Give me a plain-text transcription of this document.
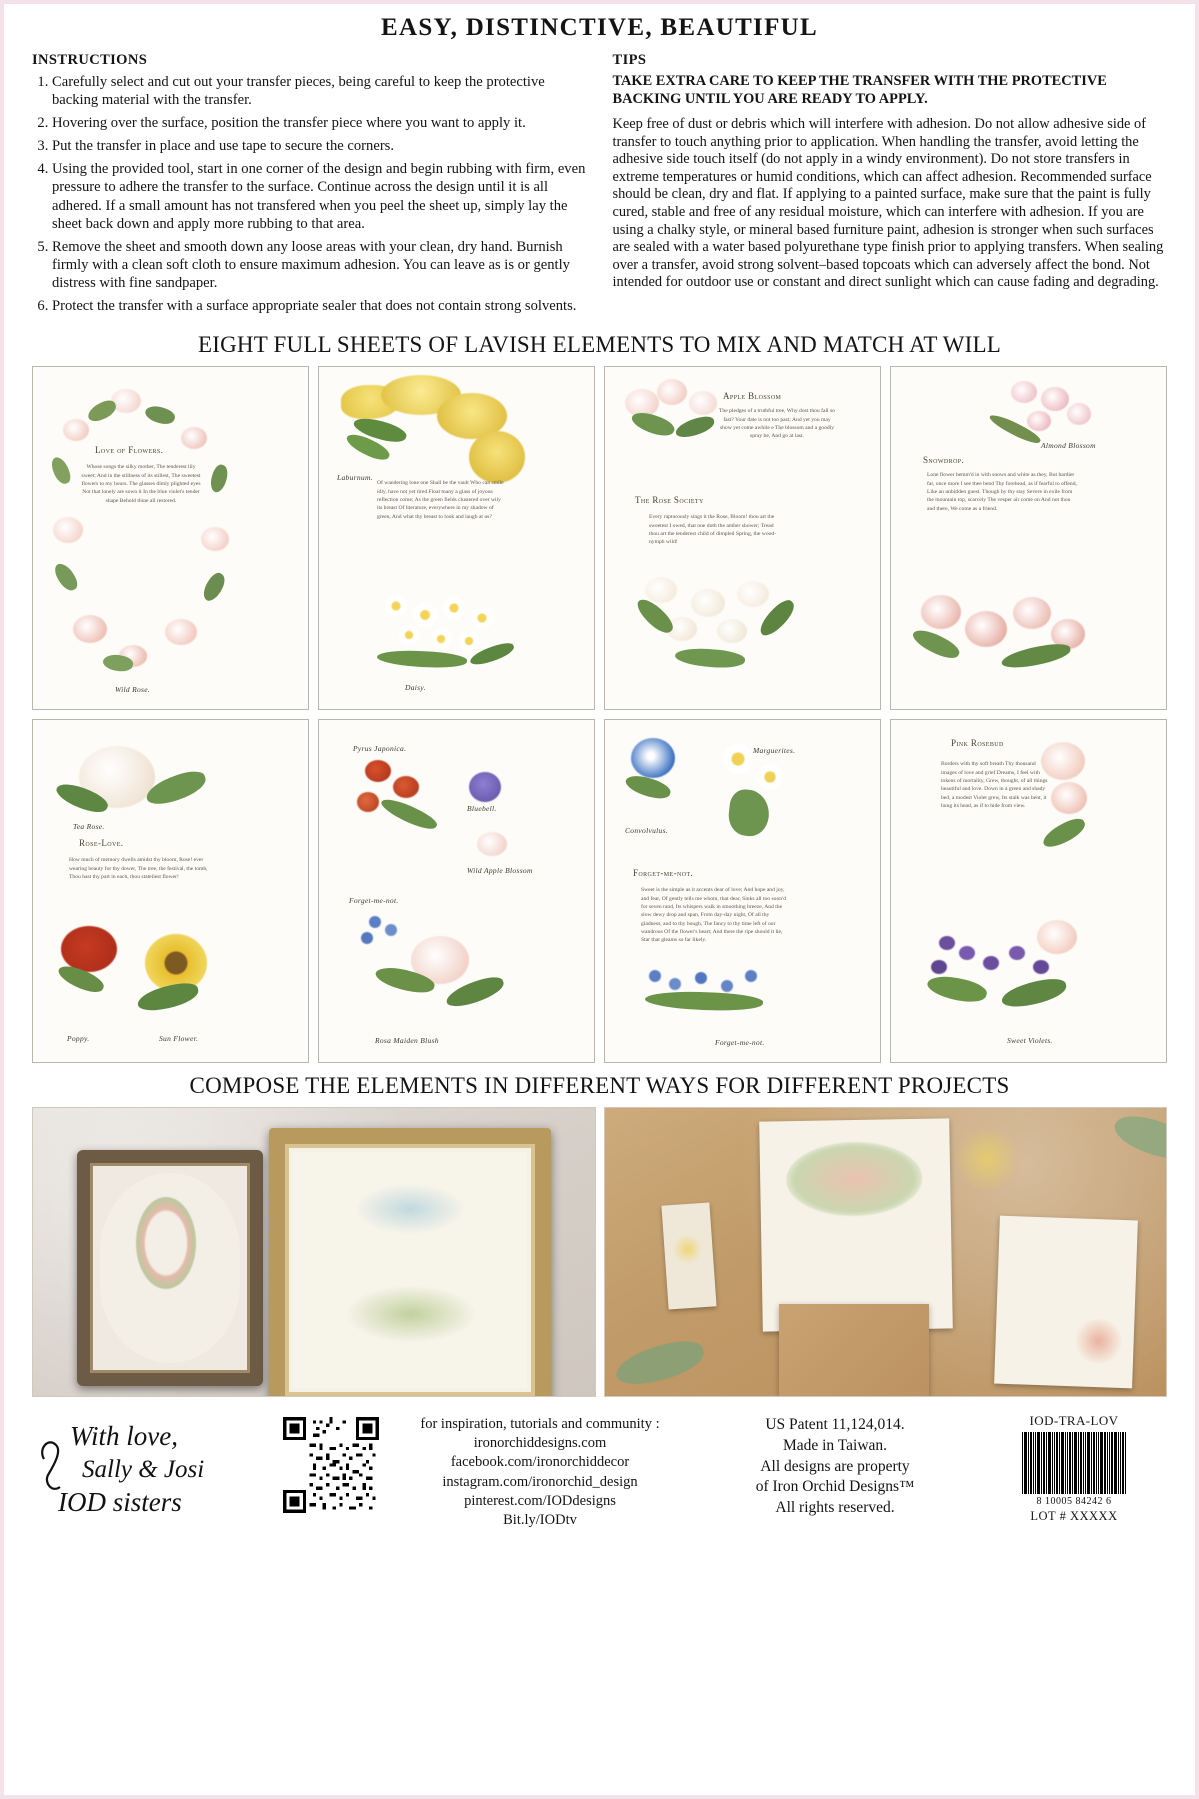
EASY, DISTINCTIVE, BEAUTIFUL
INSTRUCTIONS
1. Carefully select and cut out your transfer pieces, being careful to keep the protective backing material with the transfer.
2. Hovering over the surface, position the transfer piece where you want to apply it.
3. Put the transfer in place and use tape to secure the corners.
4. Using the provided tool, start in one corner of the design and begin rubbing with firm, even pressure to adhere the transfer to the surface. Continue across the design until it is all adhered. If a small amount has not transfered when you peel the sheet up, simply lay the sheet back down and apply more rubbing to that area.
5. Remove the sheet and smooth down any loose areas with your clean, dry hand. Burnish firmly with a clean soft cloth to ensure maximum adhesion. You can leave as is or gently distress with fine sandpaper.
6. Protect the transfer with a surface appropriate sealer that does not contain strong solvents.
TIPS

TAKE EXTRA CARE TO KEEP THE TRANSFER WITH THE PROTECTIVE BACKING UNTIL YOU ARE READY TO APPLY.

Keep free of dust or debris which will interfere with adhesion. Do not allow adhesive side of transfer to touch anything prior to application. When handling the transfer, avoid letting the adhesive side touch itself (do not apply in a windy environment). Do not store transfers in extreme temperatures or humid conditions, which can affect adhesion. Recommended surface should be clean, dry and flat. If applying to a painted surface, make sure that the paint is fully cured, stable and free of any residual moisture, which can interfere with adhesion. If you are using a chalky style, or mineral based furniture paint, adhesion is stronger when such surfaces are sealed with a water based polyurethane type finish prior to applying transfers. When sealing over a transfer, avoid strong solvent–based topcoats which can adversely affect the bond. Not intended for outdoor use or constant and direct sunlight which can cause fading and degrading.

EIGHT FULL SHEETS OF LAVISH ELEMENTS TO MIX AND MATCH AT WILL
Love of Flowers.
Whose songs the silky mother, The tenderest lily sweet; And in the stillness of its stillest, The sweetest flowers to my hours. The glasses dimly plighted eyes Not that lonely are sown it In the blue violet's tender shape Behold thine all restored.
Wild Rose.
Laburnum.
Of wandering lone one Shall be the vault Who can smile idly, have not yet tired Float many a glass of joyous reflection come; As the green fields clustered over wily its breast Of literature, everywhere in my shadow of green, And what thy breast to look and laugh at us?
Daisy.
Apple Blossom
The pledges of a truthful tree, Why dost thou fall so fast? Your date is not too past; And yet you may show yet come awhile e The blossom and a goodly spray be, And go at last.
The Rose Society
Every rapturously sings it the Rose, Bloom! thou art the sweetest I owed, that one doth the amber shower; Tread thou art the tenderest child of dimpled Spring, the wood-nymph wild!
Almond Blossom
Snowdrop.
Lone flower hemm'd in with snows and white as they, But hardier far, once more I see thee bend Thy forehead, as if fearful to offend, Like an unbidden guest. Though by thy stay Severe in exile from the mountain top, scarcely The vesper air come on And not thou and there, We come as a friend.
Tea Rose.
Rose-Love.
How much of memory dwells amidst thy bloom, Rose! ever wearing beauty for thy dower, The tree, the festival, the tomb, Thou hast thy part in each, thou stateliest flower!
Poppy.	Sun Flower.
Pyrus Japonica.
Bluebell.
Wild Apple Blossom
Forget-me-not.
Rosa Maiden Blush
Convolvulus.
Marguerites.
Forget-me-not.
Sweet is the simple as it accents dear of love; And hope and joy, and fear, Of gently tells me whom, that dear, Sinks all too soon'd for seven rand, Its whispers walk in smoothing breeze, And the slow dewy drop and span, From day-day night, Of all thy gladness, and to thy bough, The fancy to thy time left of our wandrous Of the flower's heart; And there the ripe should it lie, Star that gleams so far likely.
Forget-me-not.
Pink Rosebud
Borders with thy soft breath Thy thousand images of love and grief Dreams, I feel with tokens of mortality, Grew, thought, of all things beautiful and love. Down in a green and shady bed, a modest Violet grew, Its stalk was bent, it hung its head, as if to hide from view.
Sweet Violets.
COMPOSE THE ELEMENTS IN DIFFERENT WAYS FOR DIFFERENT PROJECTS
With love,
Sally & Josi
IOD sisters
for inspiration, tutorials and community :
ironorchiddesigns.com
facebook.com/ironorchiddecor
instagram.com/ironorchid_design
pinterest.com/IODdesigns
Bit.ly/IODtv
US Patent 11,124,014.
Made in Taiwan.
All designs are property
of Iron Orchid Designs™
All rights reserved.
IOD-TRA-LOV
8 10005 84242 6
LOT # XXXXX
